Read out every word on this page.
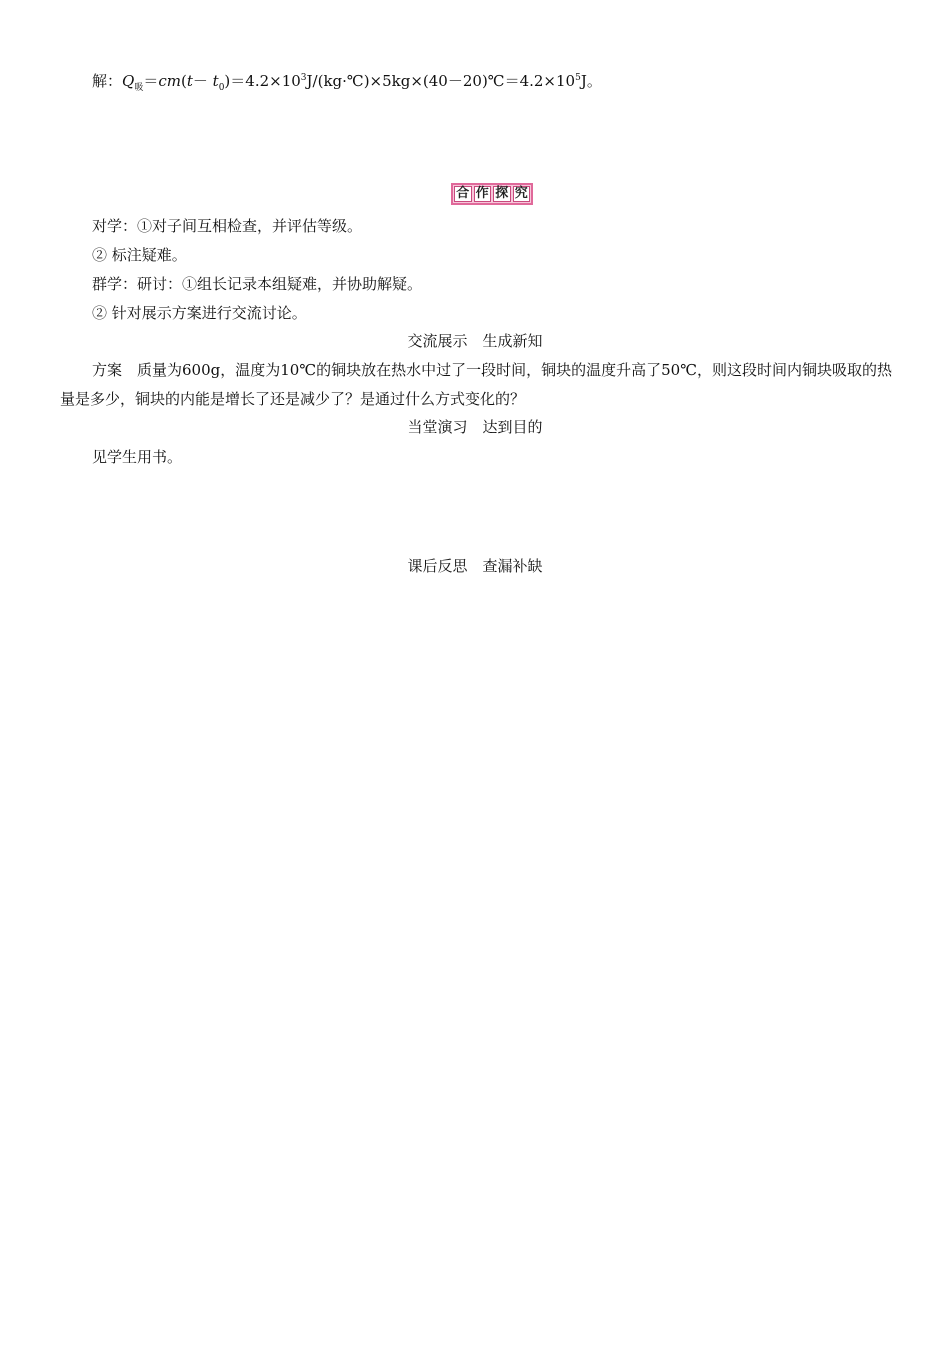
解：$Q_吸=cm(t-$ $t_0)=4.2\times 10^3J/(kg\cdot℃)\times 5kg\times(40-20)℃=4.2\times 10^5J$。
合 作 探 究
对学：①对子间互相检查，并评估等级。
② 标注疑难。
群学：研讨：①组长记录本组疑难，并协助解疑。
② 针对展示方案进行交流讨论。
交流展示　生成新知
方案　质量为600g，温度为10℃的铜块放在热水中过了一段时间，铜块的温度升高了50℃，则这段时间内铜块吸取的热量是多少，铜块的内能是增长了还是减少了？是通过什么方式变化的？
当堂演习　达到目的
见学生用书。
课后反思　查漏补缺
